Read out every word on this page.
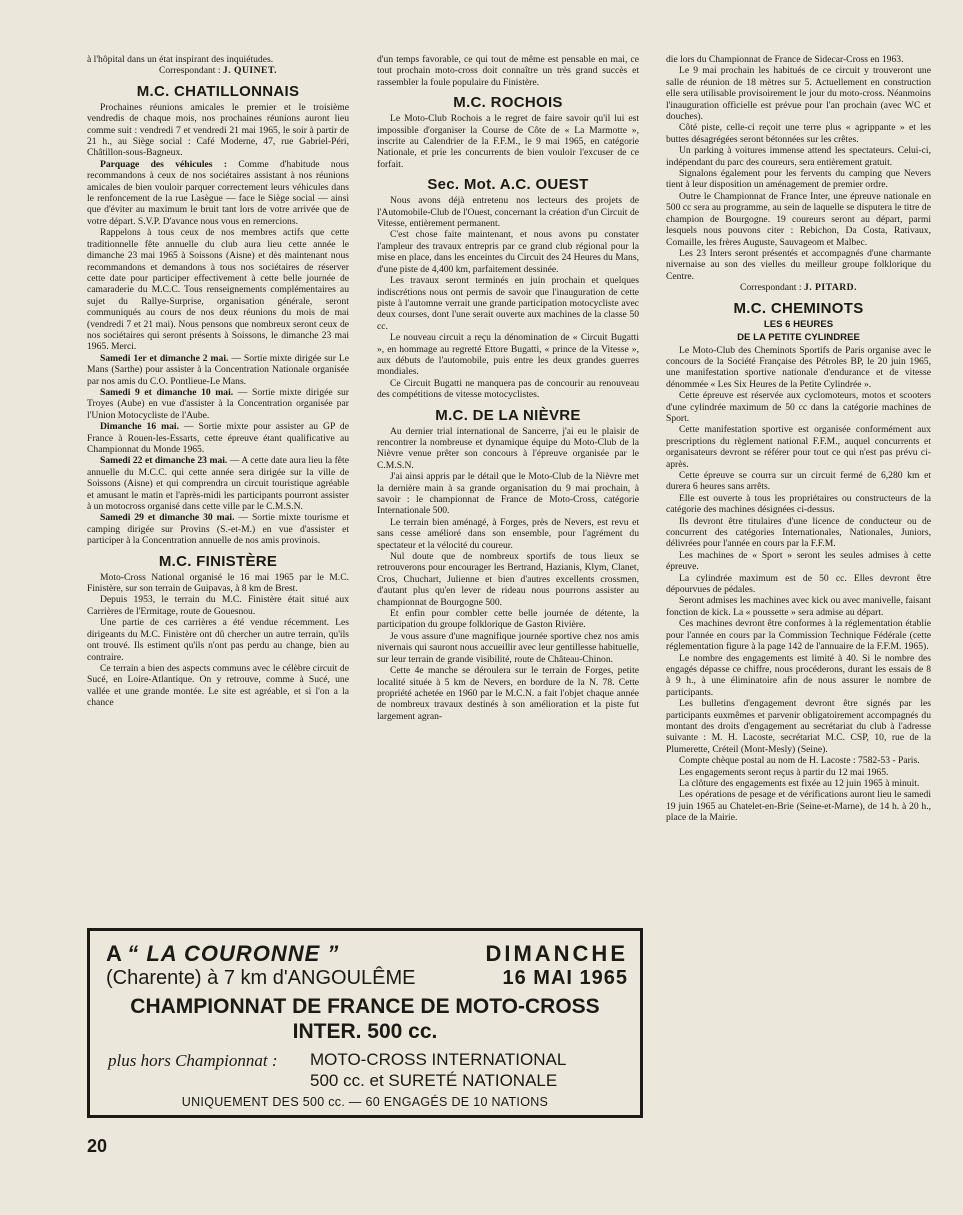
à l'hôpital dans un état inspirant des inquiétudes.

Correspondant : J. QUINET.

M.C. CHATILLONNAIS

Prochaines réunions amicales le premier et le troisième vendredis de chaque mois, nos prochaines réunions auront lieu comme suit : vendredi 7 et vendredi 21 mai 1965, le soir à partir de 21 h., au Siège social : Café Moderne, 47, rue Gabriel-Péri, Châtillon-sous-Bagneux.

Parquage des véhicules : Comme d'habitude nous recommandons à ceux de nos sociétaires assistant à nos réunions amicales de bien vouloir parquer correctement leurs véhicules dans le renfoncement de la rue Lasègue — face le Siège social — ainsi que d'éviter au maximum le bruit tant lors de votre arrivée que de votre départ. S.V.P. D'avance nous vous en remercions.

Rappelons à tous ceux de nos membres actifs que cette traditionnelle fête annuelle du club aura lieu cette année le dimanche 23 mai 1965 à Soissons (Aisne) et dès maintenant nous recommandons et demandons à tous nos sociétaires de réserver cette date pour participer effectivement à cette belle journée de camaraderie du M.C.C. Tous renseignements complémentaires au sujet du Rallye-Surprise, organisation générale, seront communiqués au cours de nos deux réunions du mois de mai (vendredi 7 et 21 mai). Nous pensons que nombreux seront ceux de nos sociétaires qui seront présents à Soissons, le dimanche 23 mai 1965. Merci.

Samedi 1er et dimanche 2 mai. — Sortie mixte dirigée sur Le Mans (Sarthe) pour assister à la Concentration Nationale organisée par nos amis du C.O. Pontlieue-Le Mans.

Samedi 9 et dimanche 10 mai. — Sortie mixte dirigée sur Troyes (Aube) en vue d'assister à la Concentration organisée par l'Union Motocycliste de l'Aube.

Dimanche 16 mai. — Sortie mixte pour assister au GP de France à Rouen-les-Essarts, cette épreuve étant qualificative au Championnat du Monde 1965.

Samedi 22 et dimanche 23 mai. — A cette date aura lieu la fête annuelle du M.C.C. qui cette année sera dirigée sur la ville de Soissons (Aisne) et qui comprendra un circuit touristique agréable et amusant le matin et l'après-midi les participants pourront assister à un motocross organisé dans cette ville par le C.M.S.N.

Samedi 29 et dimanche 30 mai. — Sortie mixte tourisme et camping dirigée sur Provins (S.-et-M.) en vue d'assister et participer à la Concentration annuelle de nos amis provinois.

M.C. FINISTÈRE

Moto-Cross National organisé le 16 mai 1965 par le M.C. Finistère, sur son terrain de Guipavas, à 8 km de Brest.

Depuis 1953, le terrain du M.C. Finistère était situé aux Carrières de l'Ermitage, route de Gouesnou.

Une partie de ces carrières a été vendue récemment. Les dirigeants du M.C. Finistère ont dû chercher un autre terrain, qu'ils ont trouvé. Ils estiment qu'ils n'ont pas perdu au change, bien au contraire.

Ce terrain a bien des aspects communs avec le célèbre circuit de Sucé, en Loire-Atlantique. On y retrouve, comme à Sucé, une vallée et une grande montée. Le site est agréable, et si l'on a la chance

d'un temps favorable, ce qui tout de même est pensable en mai, ce tout prochain moto-cross doit connaître un très grand succès et rassembler la foule populaire du Finistère.

M.C. ROCHOIS

Le Moto-Club Rochois a le regret de faire savoir qu'il lui est impossible d'organiser la Course de Côte de « La Marmotte », inscrite au Calendrier de la F.F.M., le 9 mai 1965, en catégorie Nationale, et prie les concurrents de bien vouloir l'excuser de ce forfait.

Sec. Mot. A.C. OUEST

Nous avons déjà entretenu nos lecteurs des projets de l'Automobile-Club de l'Ouest, concernant la création d'un Circuit de Vitesse, entièrement permanent.

C'est chose faite maintenant, et nous avons pu constater l'ampleur des travaux entrepris par ce grand club régional pour la mise en place, dans les enceintes du Circuit des 24 Heures du Mans, d'une piste de 4,400 km, parfaitement dessinée.

Les travaux seront terminés en juin prochain et quelques indiscrétions nous ont permis de savoir que l'inauguration de cette piste à l'automne verrait une grande participation motocycliste avec deux courses, dont l'une serait ouverte aux machines de la classe 50 cc.

Le nouveau circuit a reçu la dénomination de « Circuit Bugatti », en hommage au regretté Ettore Bugatti, « prince de la Vitesse », aux débuts de l'automobile, puis entre les deux grandes guerres mondiales.

Ce Circuit Bugatti ne manquera pas de concourir au renouveau des compétitions de vitesse motocyclistes.

M.C. DE LA NIÈVRE

Au dernier trial international de Sancerre, j'ai eu le plaisir de rencontrer la nombreuse et dynamique équipe du Moto-Club de la Nièvre venue prêter son concours à l'épreuve organisée par le C.M.S.N.

J'ai ainsi appris par le détail que le Moto-Club de la Nièvre met la dernière main à sa grande organisation du 9 mai prochain, à savoir : le championnat de France de Moto-Cross, catégorie Internationale 500.

Le terrain bien aménagé, à Forges, près de Nevers, est revu et sans cesse amélioré dans son ensemble, pour l'agrément du spectateur et la vélocité du coureur.

Nul doute que de nombreux sportifs de tous lieux se retrouverons pour encourager les Bertrand, Hazianis, Klym, Clanet, Cros, Chuchart, Julienne et bien d'autres excellents crossmen, d'autant plus qu'en lever de rideau nous pourrons assister au championnat de Bourgogne 500.

Et enfin pour combler cette belle journée de détente, la participation du groupe folklorique de Gaston Rivière.

Je vous assure d'une magnifique journée sportive chez nos amis nivernais qui sauront nous accueillir avec leur gentillesse habituelle, sur leur terrain de grande visibilité, route de Château-Chinon.

Cette 4e manche se déroulera sur le terrain de Forges, petite localité située à 5 km de Nevers, en bordure de la N. 78. Cette propriété achetée en 1960 par le M.C.N. a fait l'objet chaque année de nombreux travaux destinés à son amélioration et la piste fut largement agran-

die lors du Championnat de France de Sidecar-Cross en 1963.

Le 9 mai prochain les habitués de ce circuit y trouveront une salle de réunion de 18 mètres sur 5. Actuellement en construction elle sera utilisable provisoirement le jour du moto-cross. Néanmoins l'inauguration officielle est prévue pour l'an prochain (avec WC et douches).

Côté piste, celle-ci reçoit une terre plus « agrippante » et les buttes désagrégées seront bétonnées sur les crêtes.

Un parking à voitures immense attend les spectateurs. Celui-ci, indépendant du parc des coureurs, sera entièrement gratuit.

Signalons également pour les fervents du camping que Nevers tient à leur disposition un aménagement de premier ordre.

Outre le Championnat de France Inter, une épreuve nationale en 500 cc sera au programme, au sein de laquelle se disputera le titre de champion de Bourgogne. 19 coureurs seront au départ, parmi lesquels nous pouvons citer : Rebichon, Da Costa, Rativaux, Comaille, les frères Auguste, Sauvageom et Malbec.

Les 23 Inters seront présentés et accompagnés d'une charmante nivernaise au son des vielles du meilleur groupe folklorique du Centre.

Correspondant : J. PITARD.

M.C. CHEMINOTS
LES 6 HEURES
DE LA PETITE CYLINDREE

Le Moto-Club des Cheminots Sportifs de Paris organise avec le concours de la Société Française des Pétroles BP, le 20 juin 1965, une manifestation sportive nationale d'endurance et de vitesse dénommée « Les Six Heures de la Petite Cylindrée ».

Cette épreuve est réservée aux cyclomoteurs, motos et scooters d'une cylindrée maximum de 50 cc dans la catégorie machines de Sport.

Cette manifestation sportive est organisée conformément aux prescriptions du règlement national F.F.M., auquel concurrents et organisateurs devront se référer pour tout ce qui n'est pas prévu ci-après.

Cette épreuve se courra sur un circuit fermé de 6,280 km et durera 6 heures sans arrêts.

Elle est ouverte à tous les propriétaires ou constructeurs de la catégorie des machines désignées ci-dessus.

Ils devront être titulaires d'une licence de conducteur ou de concurrent des catégories Internationales, Nationales, Juniors, délivrées pour l'année en cours par la F.F.M.

Les machines de « Sport » seront les seules admises à cette épreuve.

La cylindrée maximum est de 50 cc. Elles devront être dépourvues de pédales.

Seront admises les machines avec kick ou avec manivelle, faisant fonction de kick. La « poussette » sera admise au départ.

Ces machines devront être conformes à la réglementation établie pour l'année en cours par la Commission Technique Fédérale (cette réglementation figure à la page 142 de l'annuaire de la F.F.M. 1965).

Le nombre des engagements est limité à 40. Si le nombre des engagés dépasse ce chiffre, nous procéderons, durant les essais de 8 à 9 h., à une éliminatoire afin de nous assurer le nombre de participants.

Les bulletins d'engagement devront être signés par les participants euxmêmes et parvenir obligatoirement accompagnés du montant des droits d'engagement au secrétariat du club à l'adresse suivante : M. H. Lacoste, secrétariat M.C. CSP, 10, rue de la Plumerette, Créteil (Mont-Mesly) (Seine).

Compte chèque postal au nom de H. Lacoste : 7582-53 - Paris.

Les engagements seront reçus à partir du 12 mai 1965.

La clôture des engagements est fixée au 12 juin 1965 à minuit.

Les opérations de pesage et de vérifications auront lieu le samedi 19 juin 1965 au Chatelet-en-Brie (Seine-et-Marne), de 14 h. à 20 h., place de la Mairie.

A “ LA COURONNE ”	DIMANCHE
(Charente) à 7 km d'ANGOULÊME	16 MAI 1965
CHAMPIONNAT DE FRANCE DE MOTO-CROSS
INTER. 500 cc.
plus hors Championnat : MOTO-CROSS INTERNATIONAL
500 cc. et SURETÉ NATIONALE
UNIQUEMENT DES 500 cc. — 60 ENGAGÉS DE 10 NATIONS
20
